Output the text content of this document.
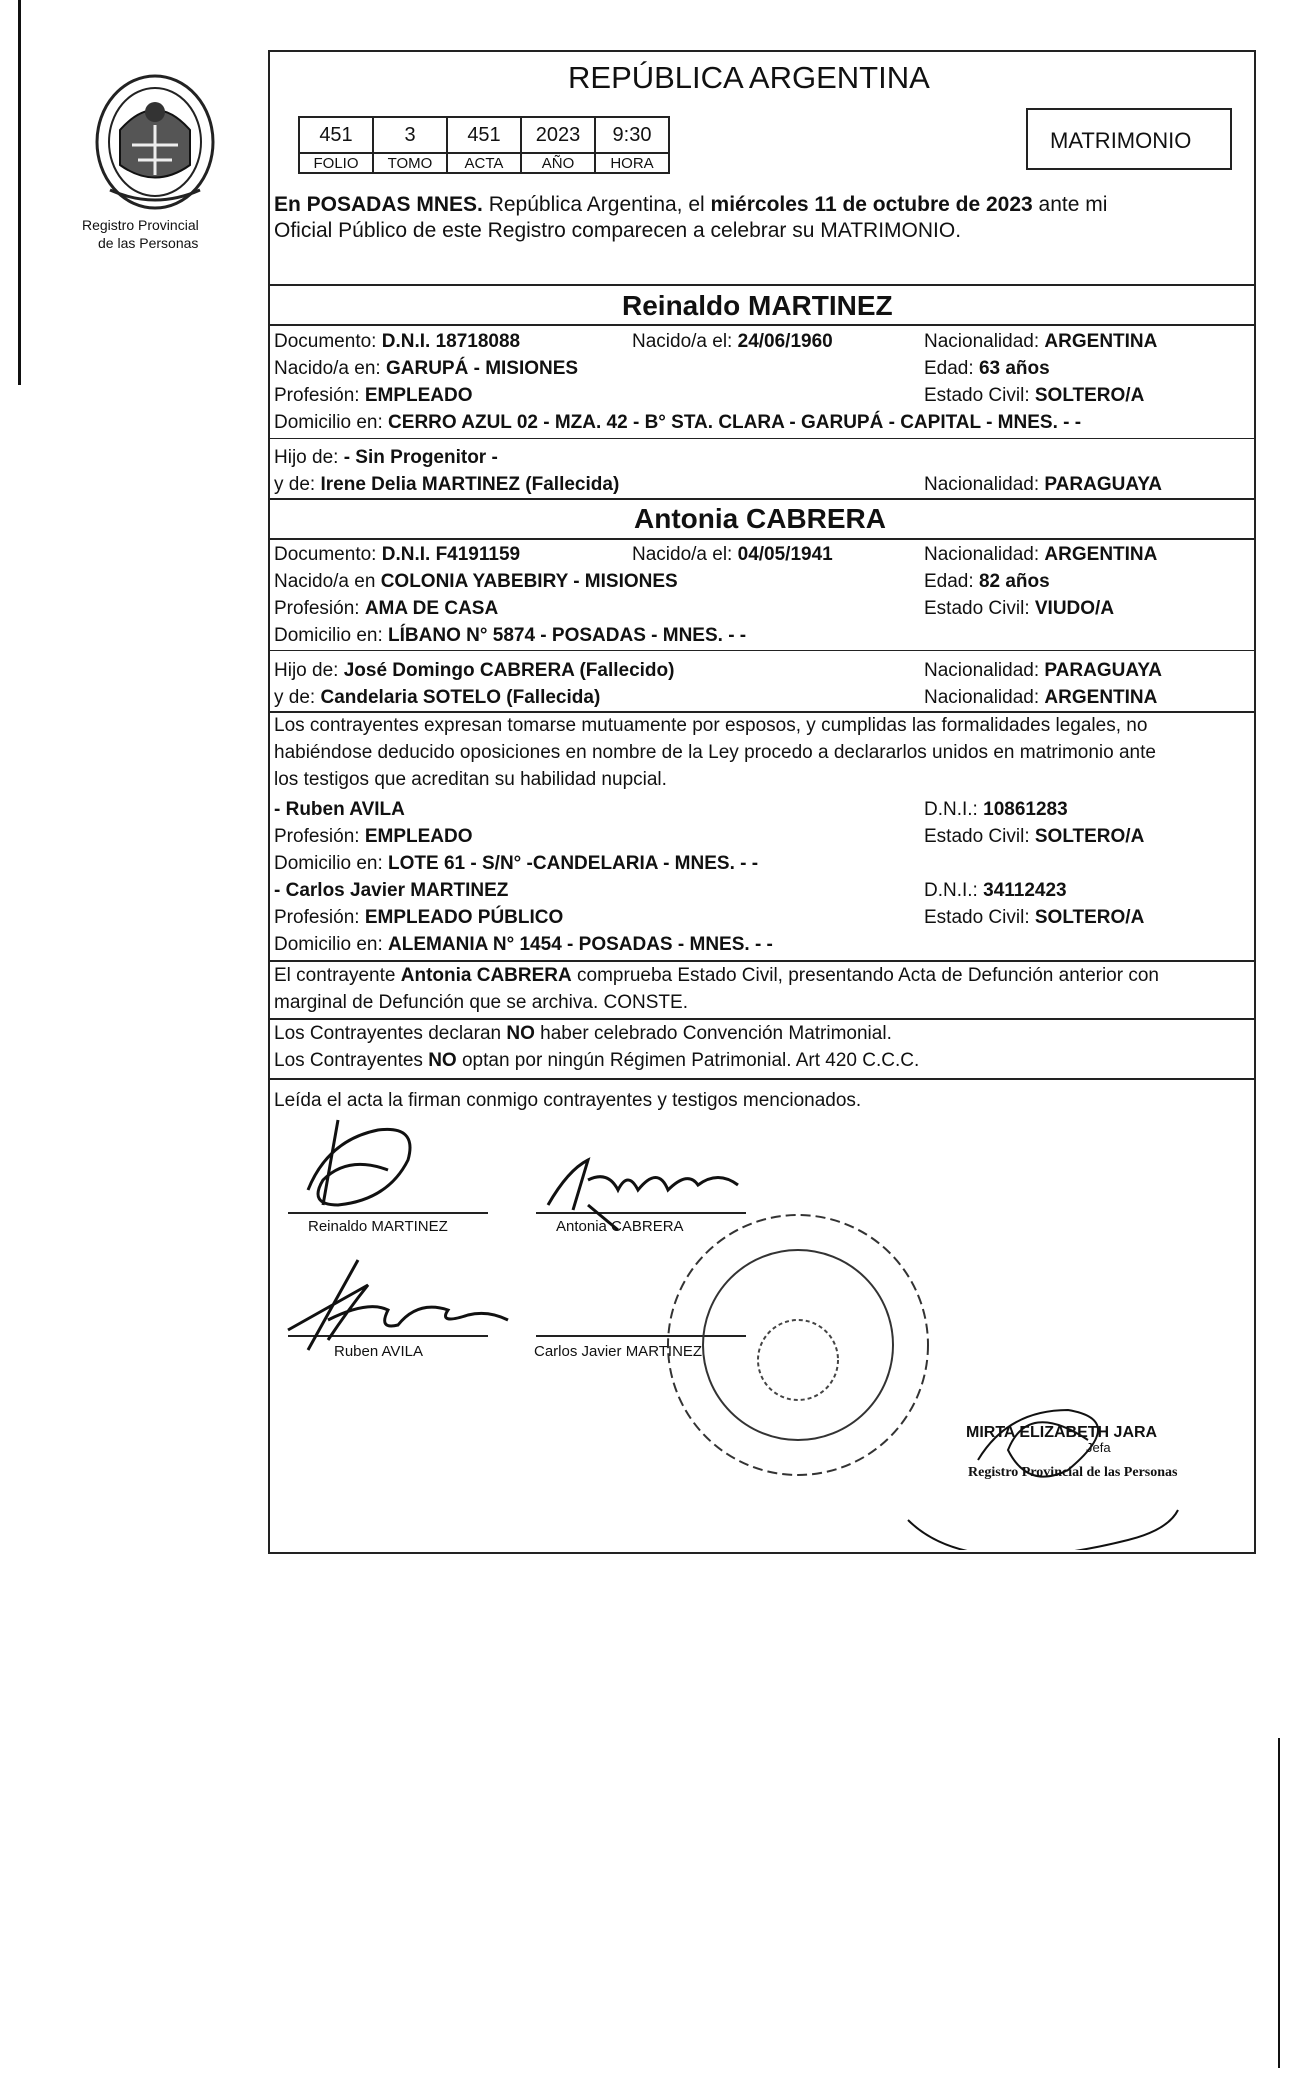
Registro Provincial
de las Personas
REPÚBLICA ARGENTINA
451	3	451	2023	9:30
FOLIO	TOMO	ACTA	AÑO	HORA
MATRIMONIO
En POSADAS MNES. República Argentina, el miércoles 11 de octubre de 2023 ante mi
Oficial Público de este Registro comparecen a celebrar su MATRIMONIO.
Reinaldo MARTINEZ
Documento: D.N.I. 18718088	Nacido/a el: 24/06/1960	Nacionalidad: ARGENTINA
Nacido/a en: GARUPÁ - MISIONES	Edad: 63 años
Profesión: EMPLEADO	Estado Civil: SOLTERO/A
Domicilio en: CERRO AZUL 02 - MZA. 42 - B° STA. CLARA - GARUPÁ - CAPITAL - MNES. - -
Hijo de: - Sin Progenitor -
y de: Irene Delia MARTINEZ (Fallecida)	Nacionalidad: PARAGUAYA
Antonia CABRERA
Documento: D.N.I. F4191159	Nacido/a el: 04/05/1941	Nacionalidad: ARGENTINA
Nacido/a en COLONIA YABEBIRY - MISIONES	Edad: 82 años
Profesión: AMA DE CASA	Estado Civil: VIUDO/A
Domicilio en: LÍBANO N° 5874 - POSADAS - MNES. - -
Hijo de: José Domingo CABRERA (Fallecido)	Nacionalidad: PARAGUAYA
y de: Candelaria SOTELO (Fallecida)	Nacionalidad: ARGENTINA
Los contrayentes expresan tomarse mutuamente por esposos, y cumplidas las formalidades legales, no
habiéndose deducido oposiciones en nombre de la Ley procedo a declararlos unidos en matrimonio ante
los testigos que acreditan su habilidad nupcial.
- Ruben AVILA	D.N.I.: 10861283
Profesión: EMPLEADO	Estado Civil: SOLTERO/A
Domicilio en: LOTE 61 - S/N° -CANDELARIA - MNES. - -
- Carlos Javier MARTINEZ	D.N.I.: 34112423
Profesión: EMPLEADO PÚBLICO	Estado Civil: SOLTERO/A
Domicilio en: ALEMANIA N° 1454 - POSADAS - MNES. - -
El contrayente Antonia CABRERA comprueba Estado Civil, presentando Acta de Defunción anterior con
marginal de Defunción que se archiva. CONSTE.
Los Contrayentes declaran NO haber celebrado Convención Matrimonial.
Los Contrayentes NO optan por ningún Régimen Patrimonial. Art 420 C.C.C.
Leída el acta la firman conmigo contrayentes y testigos mencionados.
Reinaldo MARTINEZ	Antonia CABRERA
Ruben AVILA	Carlos Javier MARTINEZ
MIRTA ELIZABETH JARA
Jefa
Registro Provincial de las Personas
